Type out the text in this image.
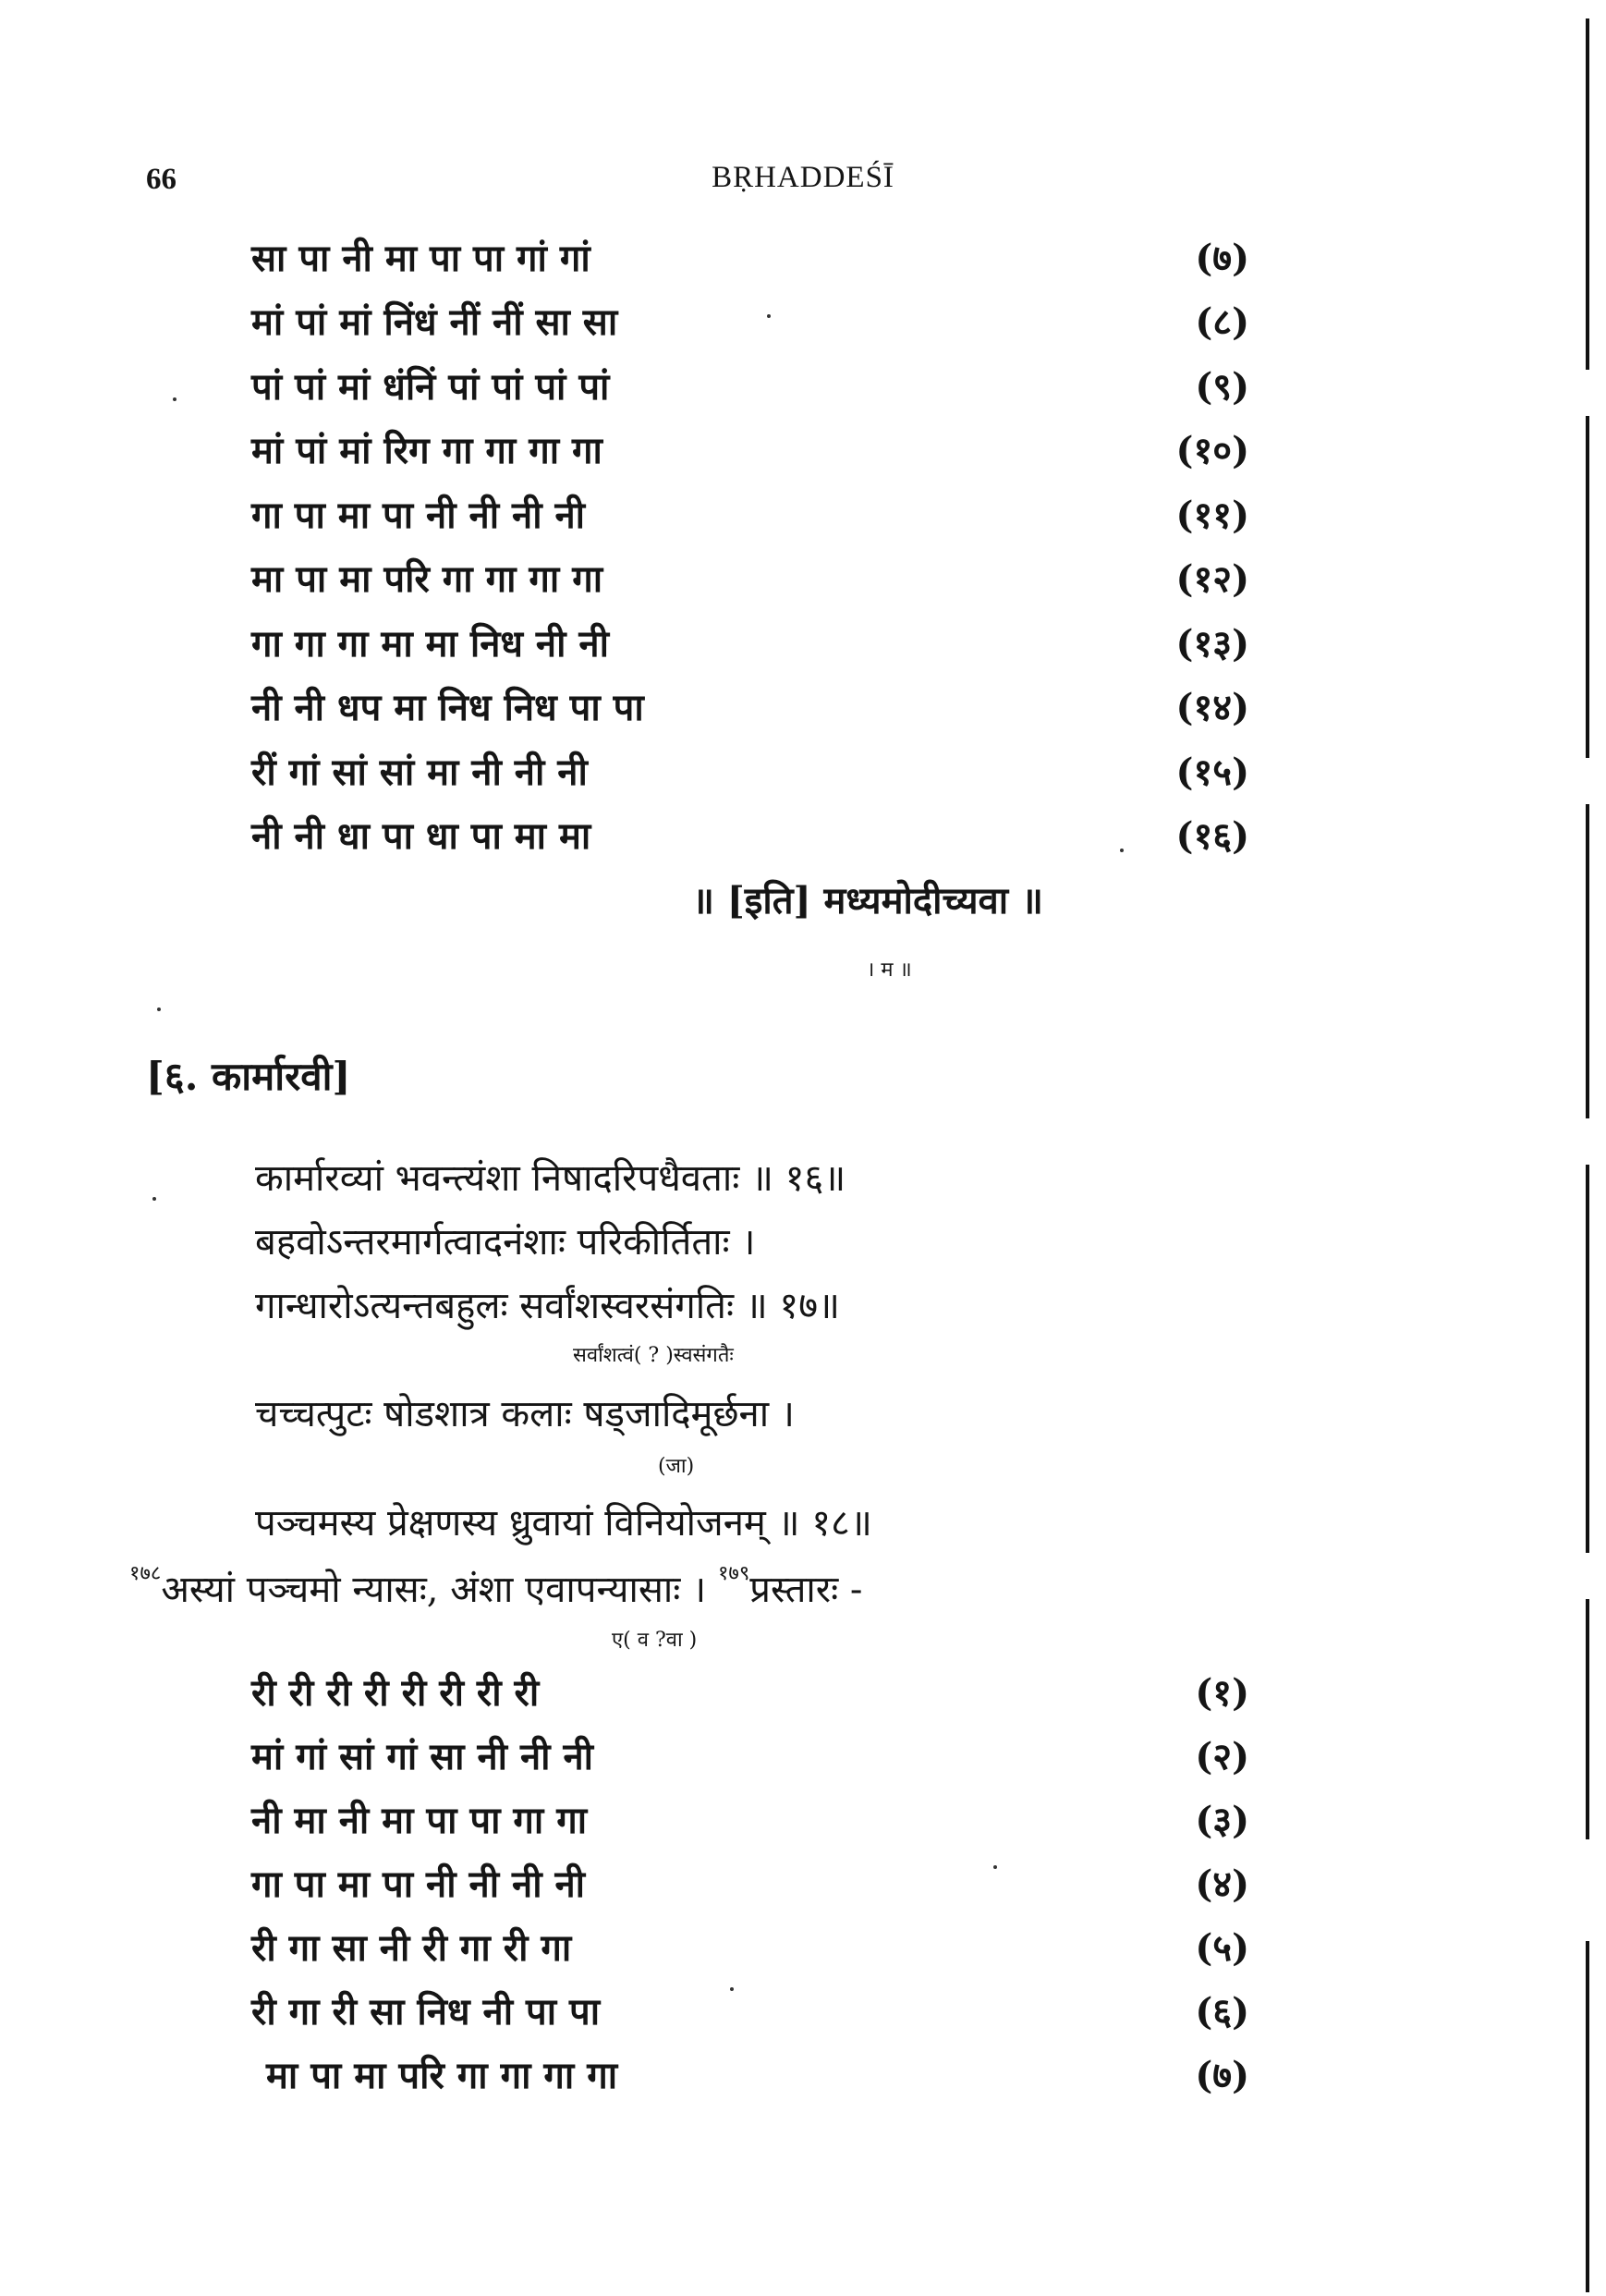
66	BṚHADDEŚĪ
सा पा नी मा पा पा गां गां	(७)
मां पां मां निंधं नीं नीं सा सा	(८)
पां पां मां धंनिं पां पां पां पां	(९)
मां पां मां रिग गा गा गा गा	(१०)
गा पा मा पा नी नी नी नी	(११)
मा पा मा परि गा गा गा गा	(१२)
गा गा गा मा मा निध नी नी	(१३)
नी नी धप मा निध निध पा पा	(१४)
रीं गां सां सां मा नी नी नी	(१५)
नी नी धा पा धा पा मा मा	(१६)
॥ [इति] मध्यमोदीच्यवा ॥
। म ॥
[६. कार्मारवी]
कार्मारव्यां भवन्त्यंशा निषादरिपधैवताः ॥ १६॥
बहवोऽन्तरमार्गत्वादनंशाः परिकीर्तिताः ।
गान्धारोऽत्यन्तबहुलः सर्वांशस्वरसंगतिः ॥ १७॥
सर्वांशत्वं( ? )स्वसंगतैः
चच्चत्पुटः षोडशात्र कलाः षड्जादिमूर्छना ।
(जा)
पञ्चमस्य प्रेक्षणस्य ध्रुवायां विनियोजनम् ॥ १८॥
$^{१७८}$अस्यां पञ्चमो न्यासः, अंशा एवापन्यासाः । $^{१७९}$प्रस्तारः -
ए( व ?वा )
री री री री री री री री	(१)
मां गां सां गां सा नी नी नी	(२)
नी मा नी मा पा पा गा गा	(३)
गा पा मा पा नी नी नी नी	(४)
री गा सा नी री गा री गा	(५)
री गा री सा निध नी पा पा	(६)
मा पा मा परि गा गा गा गा	(७)
